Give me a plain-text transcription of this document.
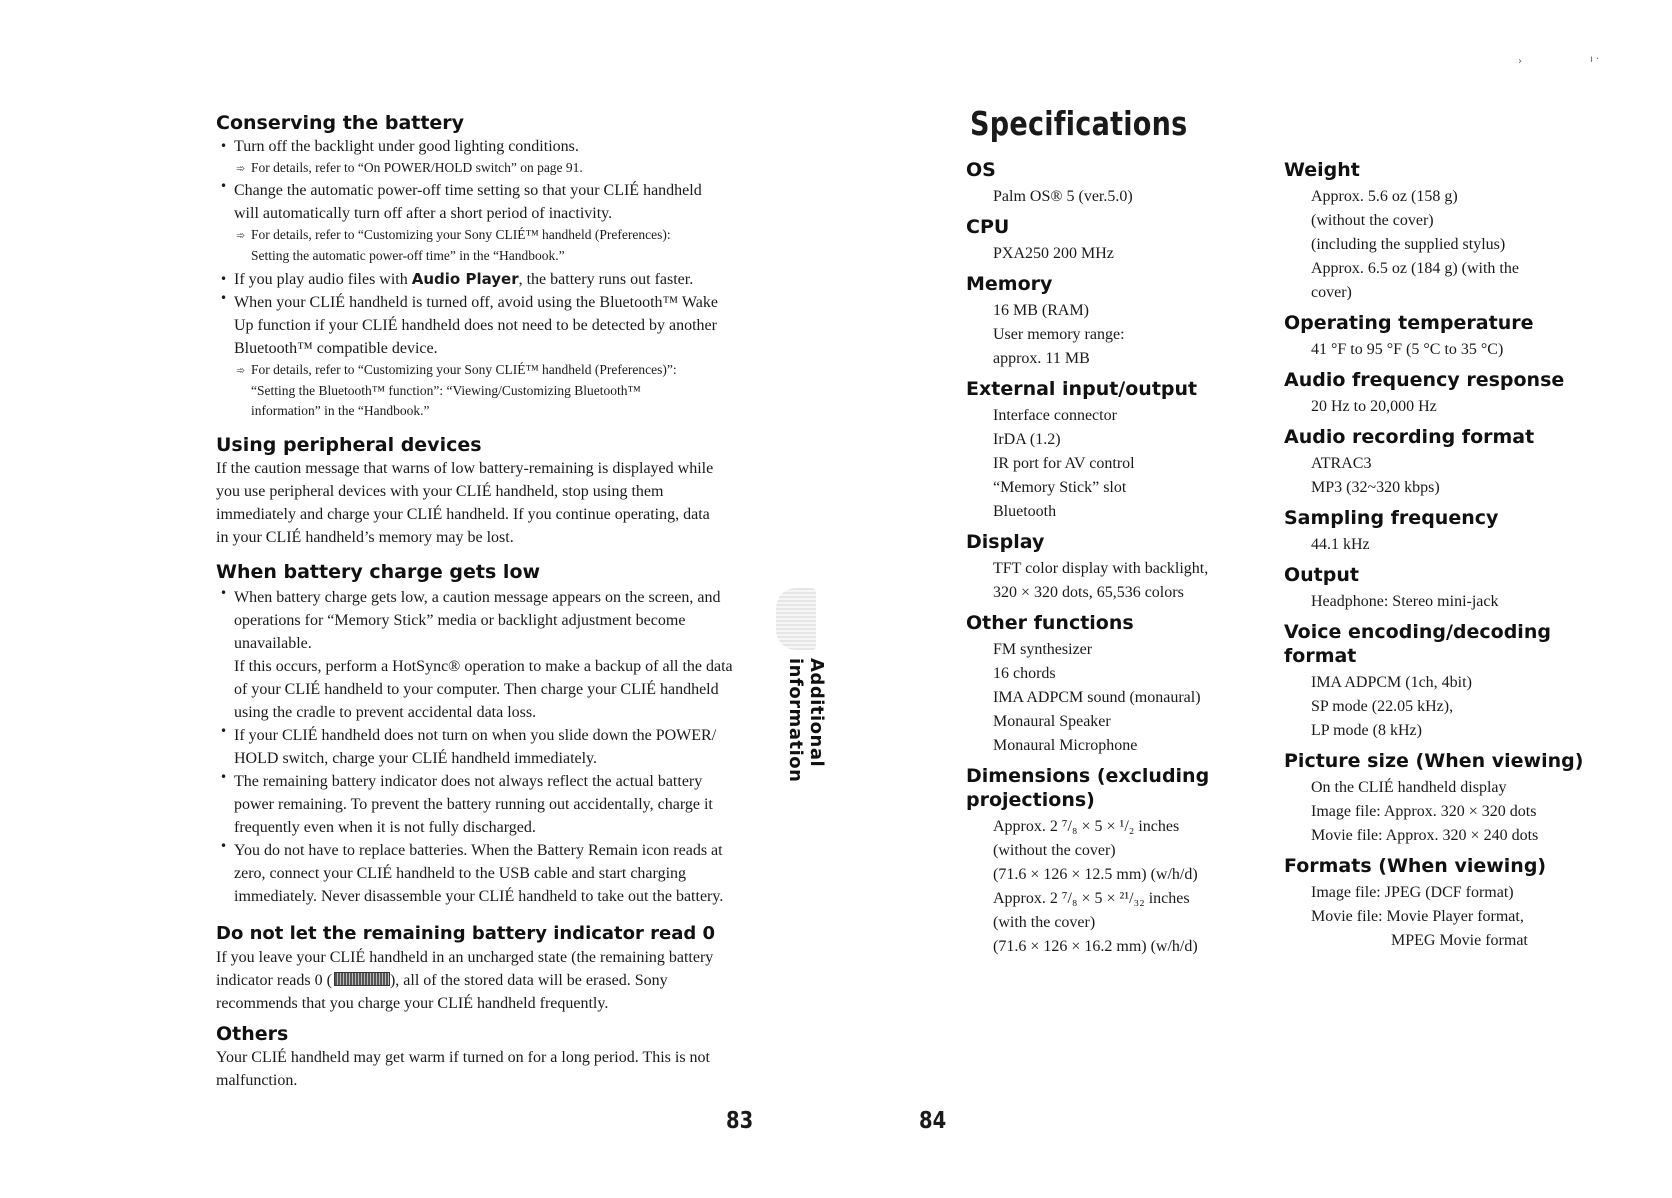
Conserving the battery

• Turn off the backlight under good lighting conditions.

➾ For details, refer to “On POWER/HOLD switch” on page 91.

• Change the automatic power-off time setting so that your CLIÉ handheld

will automatically turn off after a short period of inactivity.

➾ For details, refer to “Customizing your Sony CLIÉ™ handheld (Preferences):

Setting the automatic power-off time” in the “Handbook.”

• If you play audio files with Audio Player, the battery runs out faster.

• When your CLIÉ handheld is turned off, avoid using the Bluetooth™ Wake

Up function if your CLIÉ handheld does not need to be detected by another

Bluetooth™ compatible device.

➾ For details, refer to “Customizing your Sony CLIÉ™ handheld (Preferences)”:

“Setting the Bluetooth™ function”: “Viewing/Customizing Bluetooth™

information” in the “Handbook.”

Using peripheral devices

If the caution message that warns of low battery-remaining is displayed while

you use peripheral devices with your CLIÉ handheld, stop using them

immediately and charge your CLIÉ handheld. If you continue operating, data

in your CLIÉ handheld’s memory may be lost.

When battery charge gets low

• When battery charge gets low, a caution message appears on the screen, and

operations for “Memory Stick” media or backlight adjustment become

unavailable.

If this occurs, perform a HotSync® operation to make a backup of all the data

of your CLIÉ handheld to your computer. Then charge your CLIÉ handheld

using the cradle to prevent accidental data loss.

• If your CLIÉ handheld does not turn on when you slide down the POWER/

HOLD switch, charge your CLIÉ handheld immediately.

• The remaining battery indicator does not always reflect the actual battery

power remaining. To prevent the battery running out accidentally, charge it

frequently even when it is not fully discharged.

• You do not have to replace batteries. When the Battery Remain icon reads at

zero, connect your CLIÉ handheld to the USB cable and start charging

immediately. Never disassemble your CLIÉ handheld to take out the battery.

Do not let the remaining battery indicator read 0

If you leave your CLIÉ handheld in an uncharged state (the remaining battery

indicator reads 0 (	), all of the stored data will be erased. Sony

recommends that you charge your CLIÉ handheld frequently.

Others

Your CLIÉ handheld may get warm if turned on for a long period. This is not

malfunction.

Additional information
83
Specifications
OS
Palm OS® 5 (ver.5.0)
CPU
PXA250 200 MHz
Memory
16 MB (RAM)
User memory range:
approx. 11 MB
External input/output
Interface connector
IrDA (1.2)
IR port for AV control
“Memory Stick” slot
Bluetooth
Display
TFT color display with backlight,
320 × 320 dots, 65,536 colors
Other functions
FM synthesizer
16 chords
IMA ADPCM sound (monaural)
Monaural Speaker
Monaural Microphone
Dimensions (excluding projections)
Approx. 2 ⁷/₈ × 5 × ¹/₂ inches
(without the cover)
(71.6 × 126 × 12.5 mm) (w/h/d)
Approx. 2 ⁷/₈ × 5 × ²¹/₃₂ inches
(with the cover)
(71.6 × 126 × 16.2 mm) (w/h/d)
Weight
Approx. 5.6 oz (158 g)
(without the cover)
(including the supplied stylus)
Approx. 6.5 oz (184 g) (with the
cover)
Operating temperature
41 °F to 95 °F (5 °C to 35 °C)
Audio frequency response
20 Hz to 20,000 Hz
Audio recording format
ATRAC3
MP3 (32~320 kbps)
Sampling frequency
44.1 kHz
Output
Headphone: Stereo mini-jack
Voice encoding/decoding format
IMA ADPCM (1ch, 4bit)
SP mode (22.05 kHz),
LP mode (8 kHz)
Picture size (When viewing)
On the CLIÉ handheld display
Image file: Approx. 320 × 320 dots
Movie file: Approx. 320 × 240 dots
Formats (When viewing)
Image file: JPEG (DCF format)
Movie file: Movie Player format,
MPEG Movie format
84
›	ı ·
